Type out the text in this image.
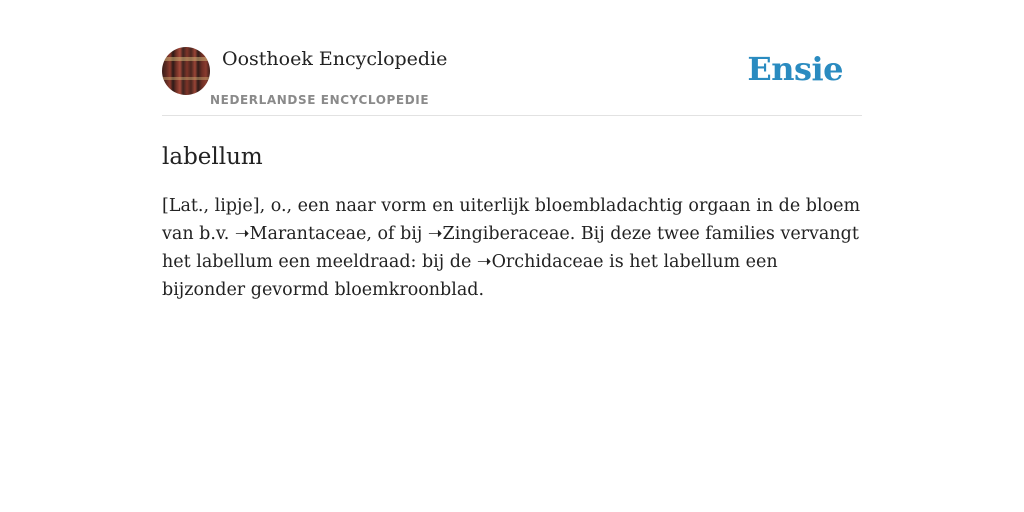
Oosthoek Encyclopedie
NEDERLANDSE ENCYCLOPEDIE
Ensie
labellum

[Lat., lipje], o., een naar vorm en uiterlijk bloembladachtig orgaan in de bloem van b.v. ➝Marantaceae, of bij ➝Zingiberaceae. Bij deze twee families vervangt het labellum een meeldraad: bij de ➝Orchidaceae is het labellum een bijzonder gevormd bloemkroonblad.
